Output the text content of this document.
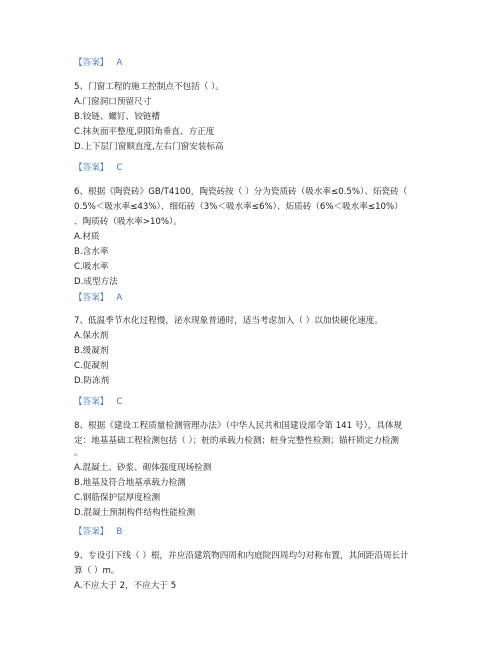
【答案】 A
5、门窗工程的施工控制点不包括（ ）。
A.门窗洞口预留尺寸
B.铰链、螺钉、铰链槽
C.抹灰面平整度,阴阳角垂直、方正度
D.上下层门窗顺直度,左右门窗安装标高
【答案】 C
6、根据《陶瓷砖》GB/T4100，陶瓷砖按（ ）分为瓷质砖（吸水率≤0.5%）、炻瓷砖（
0.5%＜吸水率≤43%）、细炻砖（3%＜吸水率≤6%）、炻质砖（6%＜吸水率≤10%）
、陶质砖（吸水率>10%）。
A.材质
B.含水率
C.吸水率
D.成型方法
【答案】 A
7、低温季节水化过程慢，泌水现象普通时，适当考虑加入（ ）以加快硬化速度。
A.保水剂
B.缓凝剂
C.促凝剂
D.防冻剂
【答案】 C
8、根据《建设工程质量检测管理办法》（中华人民共和国建设部令第 141 号），具体规
定：地基基础工程检测包括（ ）；桩的承载力检测；桩身完整性检测；锚杆锁定力检测
。
A.混凝土、砂浆、砌体强度现场检测
B.地基及符合地基承载力检测
C.钢筋保护层厚度检测
D.混凝土预制构件结构性能检测
【答案】 B
9、专设引下线（ ）根，并应沿建筑物四周和内庭院四周均匀对称布置，其间距沿周长计
算（ ）m。
A.不应大于 2，不应大于 5
